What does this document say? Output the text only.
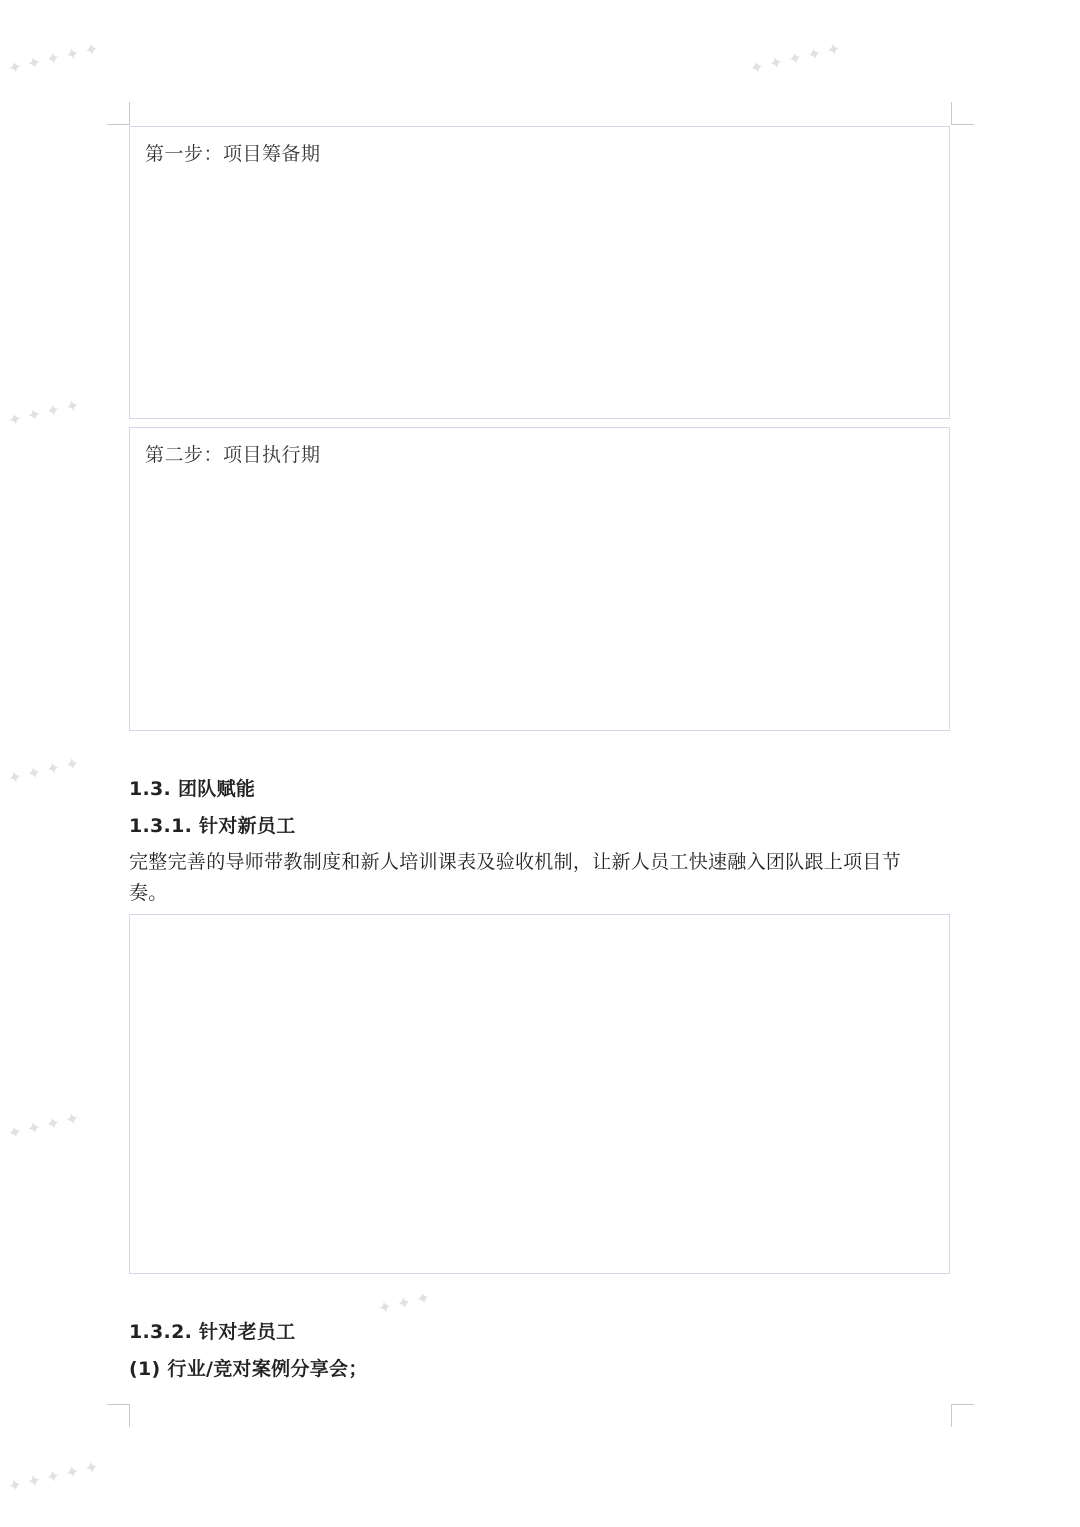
第一步：项目筹备期
第二步：项目执行期
1.3. 团队赋能
1.3.1. 针对新员工
完整完善的导师带教制度和新人培训课表及验收机制，让新人员工快速融入团队跟上项目节奏。
1.3.2. 针对老员工
(1) 行业/竞对案例分享会；
✦ ✦ ✦ ✦ ✦	✦ ✦ ✦ ✦ ✦
✦ ✦ ✦ ✦
✦ ✦ ✦ ✦
✦ ✦ ✦ ✦
✦ ✦ ✦
✦ ✦ ✦ ✦ ✦
